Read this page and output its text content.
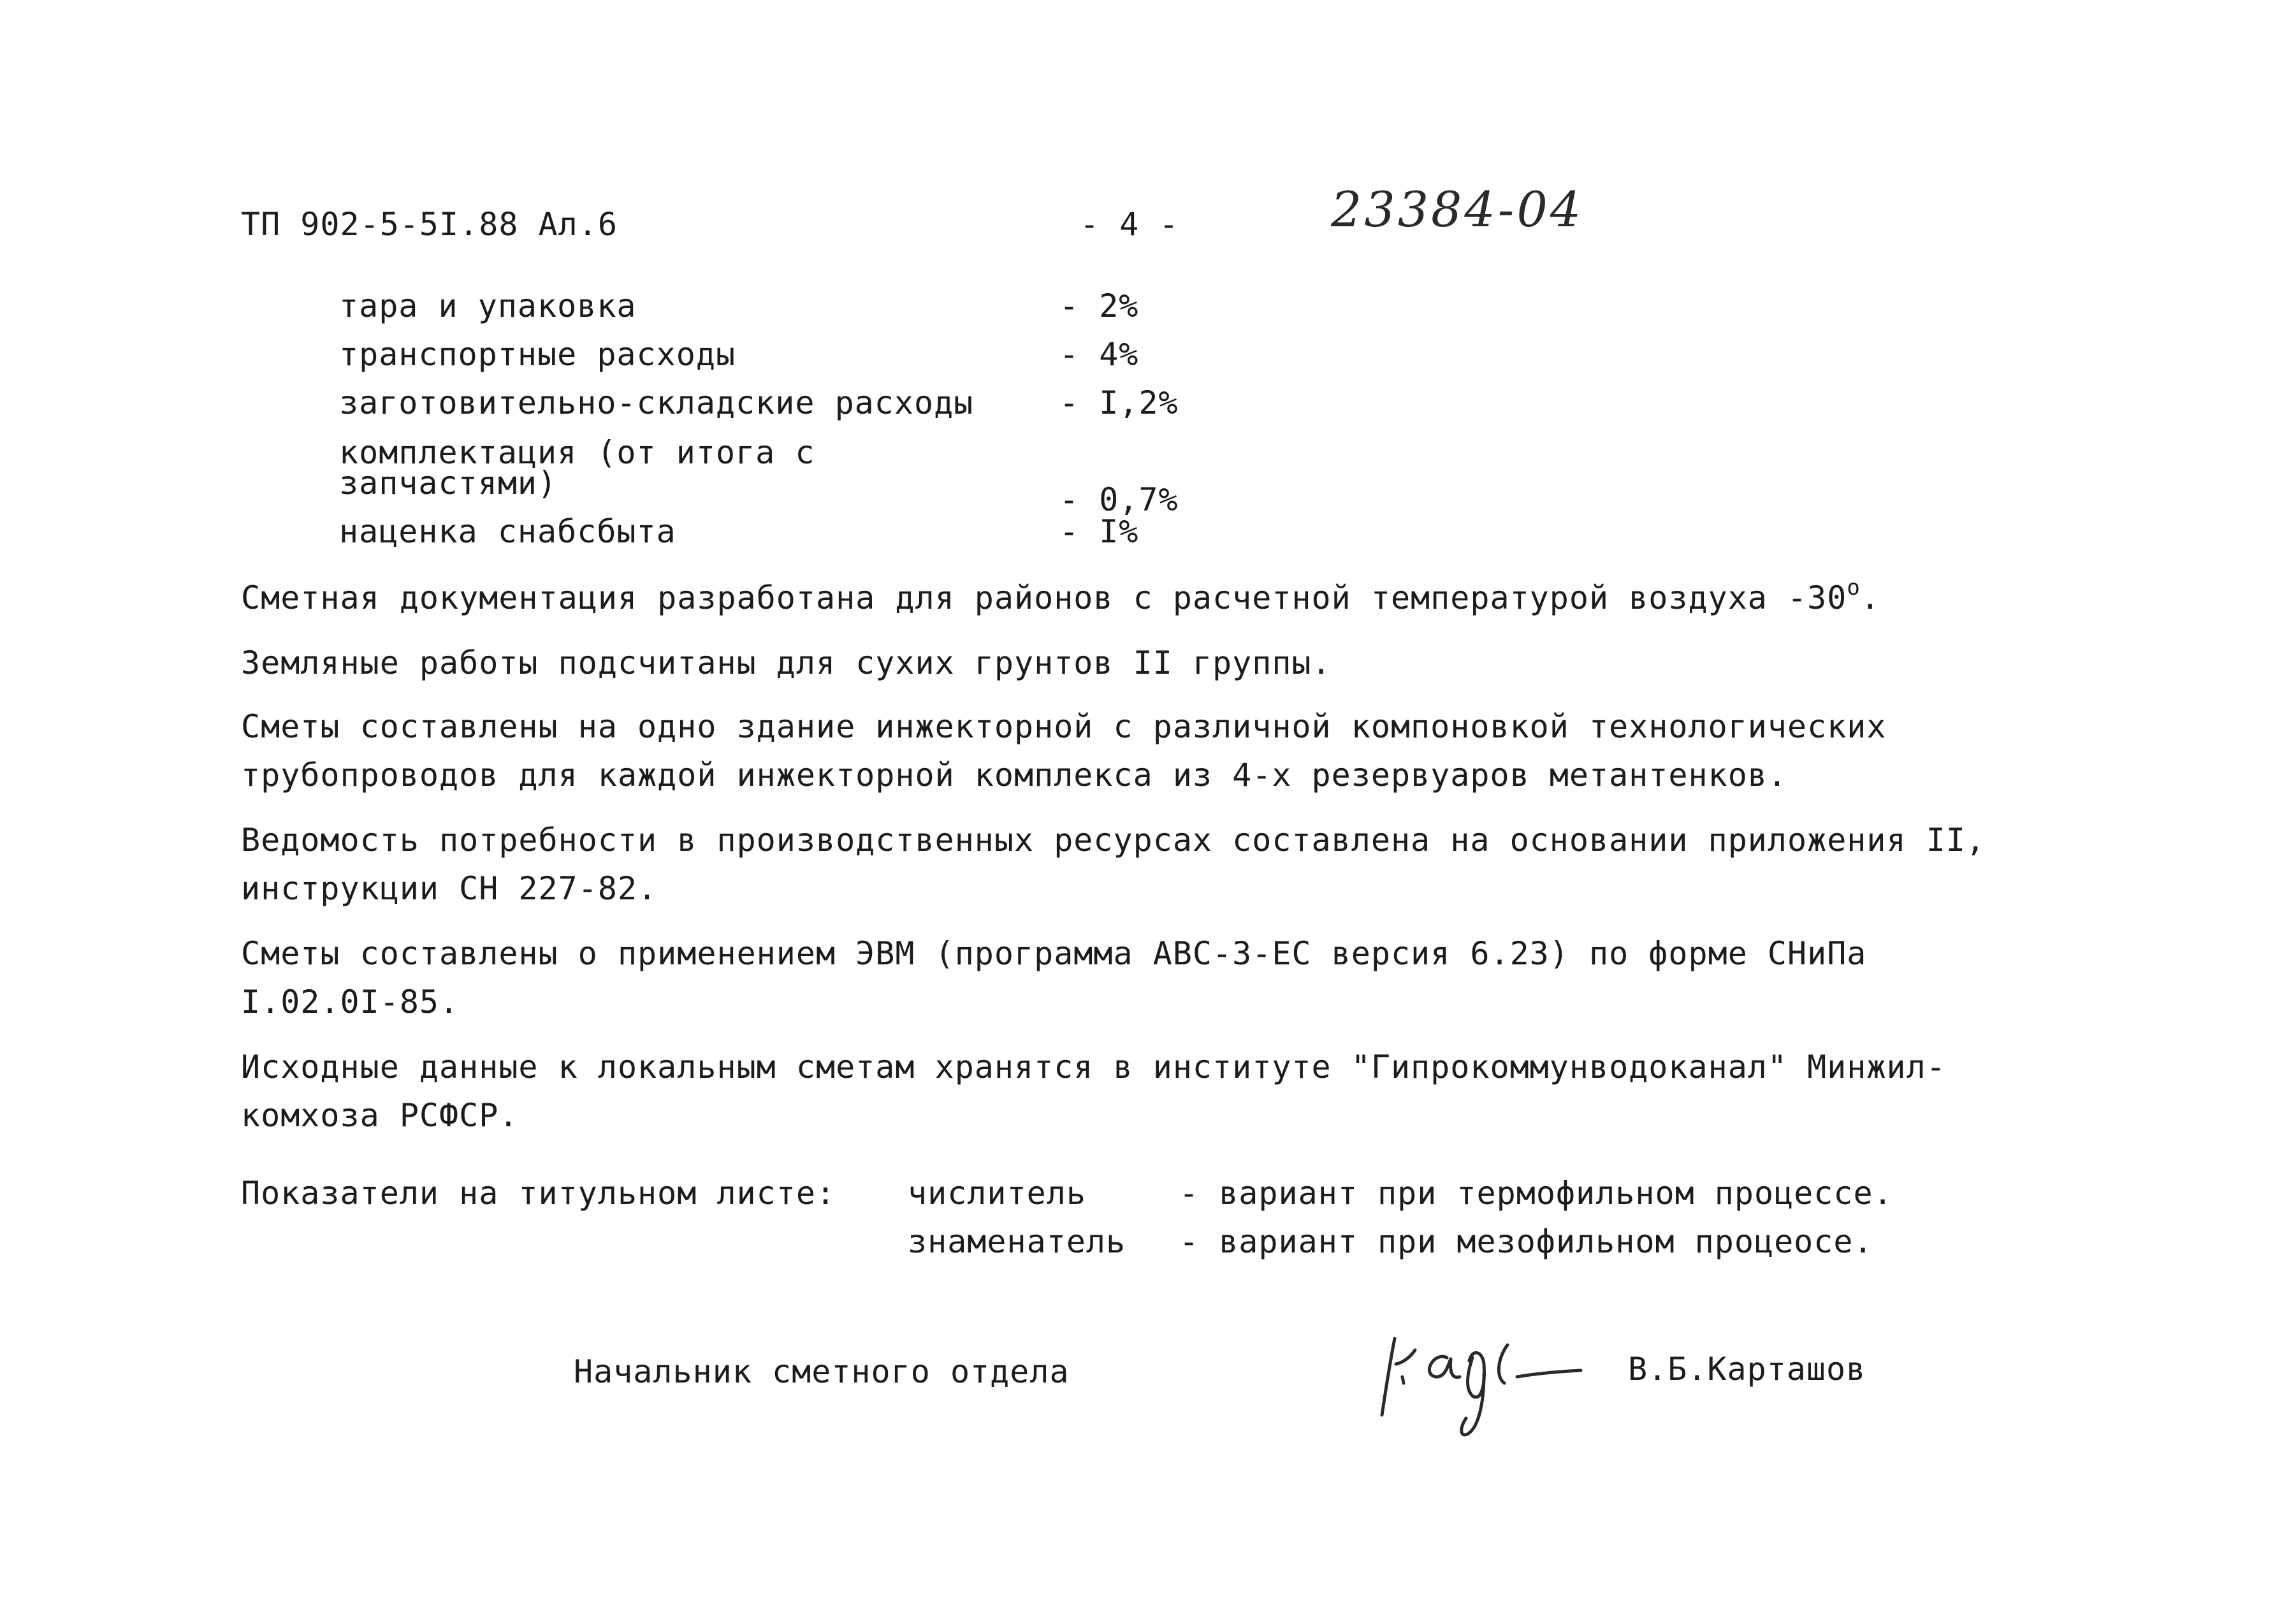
ТП 902-5-5I.88 Ал.6	- 4 -	23384-04
тара и упаковка	- 2%
транспортные расходы	- 4%
заготовительно-складские расходы	- I,2%
комплектация (от итога с
запчастями)	- 0,7%
наценка снабсбыта	- I%
Сметная документация разработана для районов с расчетной температурой воздуха $-30^о$.
Земляные работы подсчитаны для сухих грунтов II группы.
Сметы составлены на одно здание инжекторной с различной компоновкой технологических
трубопроводов для каждой инжекторной комплекса из 4-х резервуаров метантенков.
Ведомость потребности в производственных ресурсах составлена на основании приложения II,
инструкции СН 227-82.
Сметы составлены о применением ЭВМ (программа АВС-3-ЕС версия 6.23) по форме СНиПа
I.02.0I-85.
Исходные данные к локальным сметам хранятся в институте "Гипрокоммунводоканал" Минжил-
комхоза РСФСР.
Показатели на титульном листе: числитель	- вариант при термофильном процессе.
знаменатель - вариант при мезофильном процеосе.
Начальник сметного отдела	В.Б.Карташов
